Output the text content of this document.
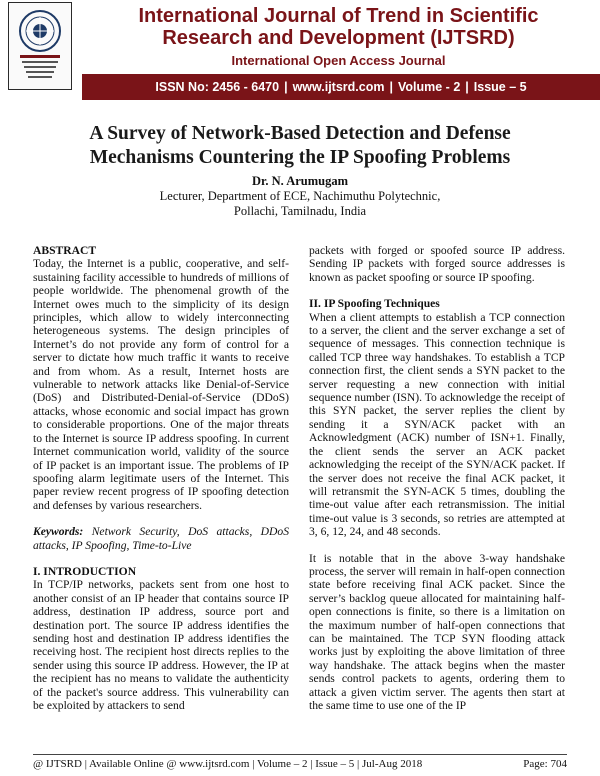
International Journal of Trend in Scientific
Research and Development (IJTSRD)
International Open Access Journal
ISSN No: 2456 - 6470 | www.ijtsrd.com | Volume - 2 | Issue – 5
A Survey of Network-Based Detection and Defense
Mechanisms Countering the IP Spoofing Problems
Dr. N. Arumugam
Lecturer, Department of ECE, Nachimuthu Polytechnic,
Pollachi, Tamilnadu, India
ABSTRACT

Today, the Internet is a public, cooperative, and self-sustaining facility accessible to hundreds of millions of people worldwide. The phenomenal growth of the Internet owes much to the simplicity of its design principles, which allow to widely interconnecting heterogeneous systems. The design principles of Internet’s do not provide any form of control for a server to dictate how much traffic it wants to receive and from whom. As a result, Internet hosts are vulnerable to network attacks like Denial-of-Service (DoS) and Distributed-Denial-of-Service (DDoS) attacks, whose economic and social impact has grown to considerable proportions. One of the major threats to the Internet is source IP address spoofing. In current Internet communication world, validity of the source of IP packet is an important issue. The problems of IP spoofing alarm legitimate users of the Internet. This paper review recent progress of IP spoofing detection and defenses by various researchers.

Keywords: Network Security, DoS attacks, DDoS attacks, IP Spoofing, Time-to-Live

I. INTRODUCTION

In TCP/IP networks, packets sent from one host to another consist of an IP header that contains source IP address, destination IP address, source port and destination port. The source IP address identifies the sending host and destination IP address identifies the receiving host. The recipient host directs replies to the sender using this source IP address. However, the IP at the recipient has no means to validate the authenticity of the packet's source address. This vulnerability can be exploited by attackers to send

packets with forged or spoofed source IP address. Sending IP packets with forged source addresses is known as packet spoofing or source IP spoofing.

II. IP Spoofing Techniques

When a client attempts to establish a TCP connection to a server, the client and the server exchange a set of sequence of messages. This connection technique is called TCP three way handshakes. To establish a TCP connection first, the client sends a SYN packet to the server requesting a new connection with initial sequence number (ISN). To acknowledge the receipt of this SYN packet, the server replies the client by sending it a SYN/ACK packet with an Acknowledgment (ACK) number of ISN+1. Finally, the client sends the server an ACK packet acknowledging the receipt of the SYN/ACK packet. If the server does not receive the final ACK packet, it will retransmit the SYN-ACK 5 times, doubling the time-out value after each retransmission. The initial time-out value is 3 seconds, so retries are attempted at 3, 6, 12, 24, and 48 seconds.

It is notable that in the above 3-way handshake process, the server will remain in half-open connection state before receiving final ACK packet. Since the server’s backlog queue allocated for maintaining half-open connections is finite, so there is a limitation on the maximum number of half-open connections that can be maintained. The TCP SYN flooding attack works just by exploiting the above limitation of three way handshake. The attack begins when the master sends control packets to agents, ordering them to attack a given victim server. The agents then start at the same time to use one of the IP

@ IJTSRD | Available Online @ www.ijtsrd.com | Volume – 2 | Issue – 5 | Jul-Aug 2018	Page: 704
